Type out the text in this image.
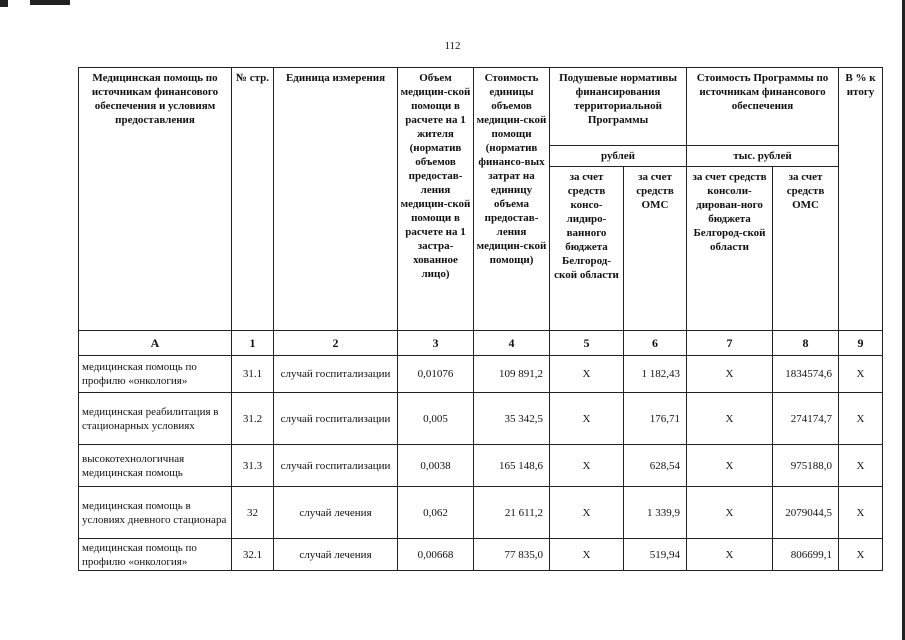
112
Медицинская помощь по источникам финансового обеспечения и условиям предоставления	№ стр.	Единица измерения	Объем медицин-ской помощи в расчете на 1 жителя (норматив объемов предостав-ления медицин-ской помощи в расчете на 1 застра-хованное лицо)	Стоимость единицы объемов медицин-ской помощи (норматив финансо-вых затрат на единицу объема предостав-ления медицин-ской помощи)	Подушевые нормативы финансирования территориальной Программы		Стоимость Программы по источникам финансового обеспечения		В % к итогу
					рублей		тыс. рублей		
					за счет средств консо-лидиро-ванного бюджета Белгород-ской области	за счет средств ОМС	за счет средств консоли-дирован-ного бюджета Белгород-ской области	за счет средств ОМС	
А	1	2	3	4	5	6	7	8	9
медицинская помощь по профилю «онкология»	31.1	случай госпитализации	0,01076	109 891,2	Х	1 182,43	Х	1834574,6	Х
медицинская реабилитация в стационарных условиях	31.2	случай госпитализации	0,005	35 342,5	Х	176,71	Х	274174,7	Х
высокотехнологичная медицинская помощь	31.3	случай госпитализации	0,0038	165 148,6	Х	628,54	Х	975188,0	Х
медицинская помощь в условиях дневного стационара	32	случай лечения	0,062	21 611,2	Х	1 339,9	Х	2079044,5	Х
медицинская помощь по профилю «онкология»	32.1	случай лечения	0,00668	77 835,0	Х	519,94	Х	806699,1	Х
